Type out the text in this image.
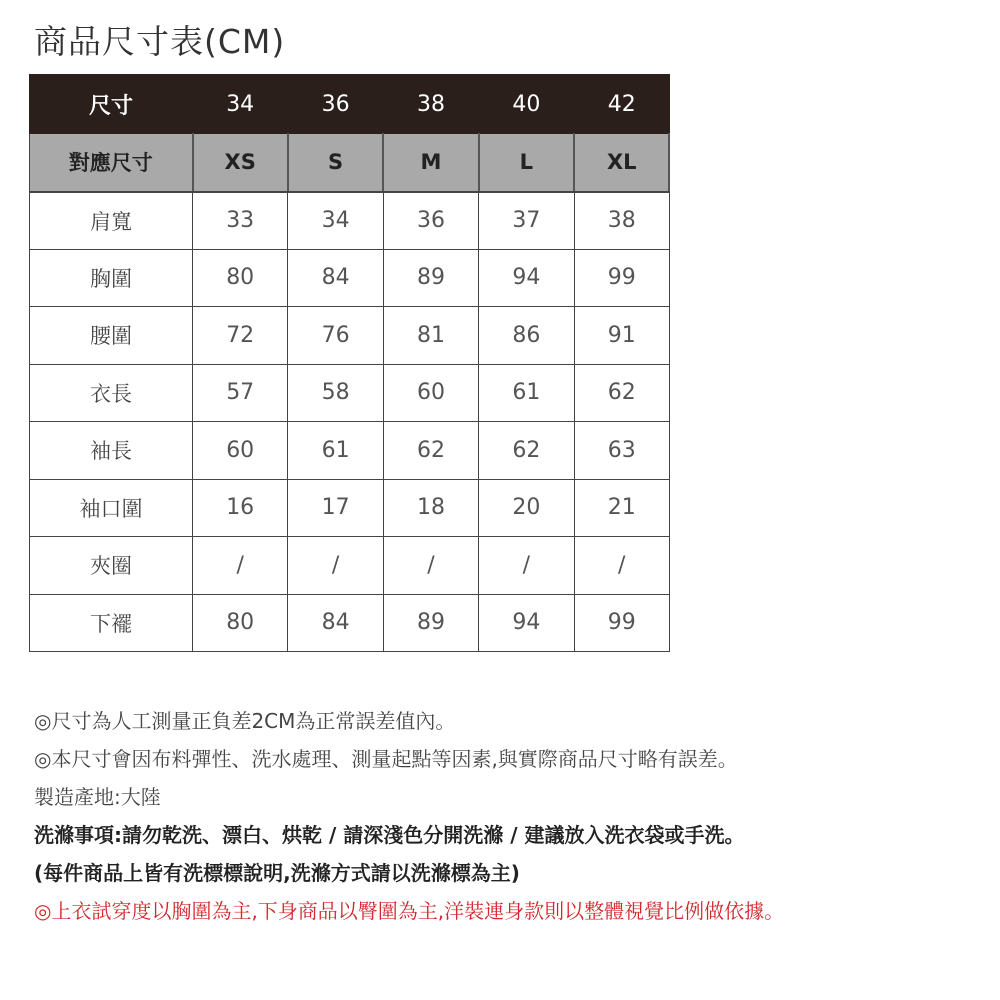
商品尺寸表(CM)
尺寸	34	36	38	40	42
對應尺寸	XS	S	M	L	XL
肩寬	33	34	36	37	38
胸圍	80	84	89	94	99
腰圍	72	76	81	86	91
衣長	57	58	60	61	62
袖長	60	61	62	62	63
袖口圍	16	17	18	20	21
夾圈	/	/	/	/	/
下襬	80	84	89	94	99
◎尺寸為人工測量正負差2CM為正常誤差值內。
◎本尺寸會因布料彈性、洗水處理、測量起點等因素,與實際商品尺寸略有誤差。
製造產地:大陸
洗滌事項:請勿乾洗、漂白、烘乾 / 請深淺色分開洗滌 / 建議放入洗衣袋或手洗。
(每件商品上皆有洗標標說明,洗滌方式請以洗滌標為主)
◎上衣試穿度以胸圍為主,下身商品以臀圍為主,洋裝連身款則以整體視覺比例做依據。
